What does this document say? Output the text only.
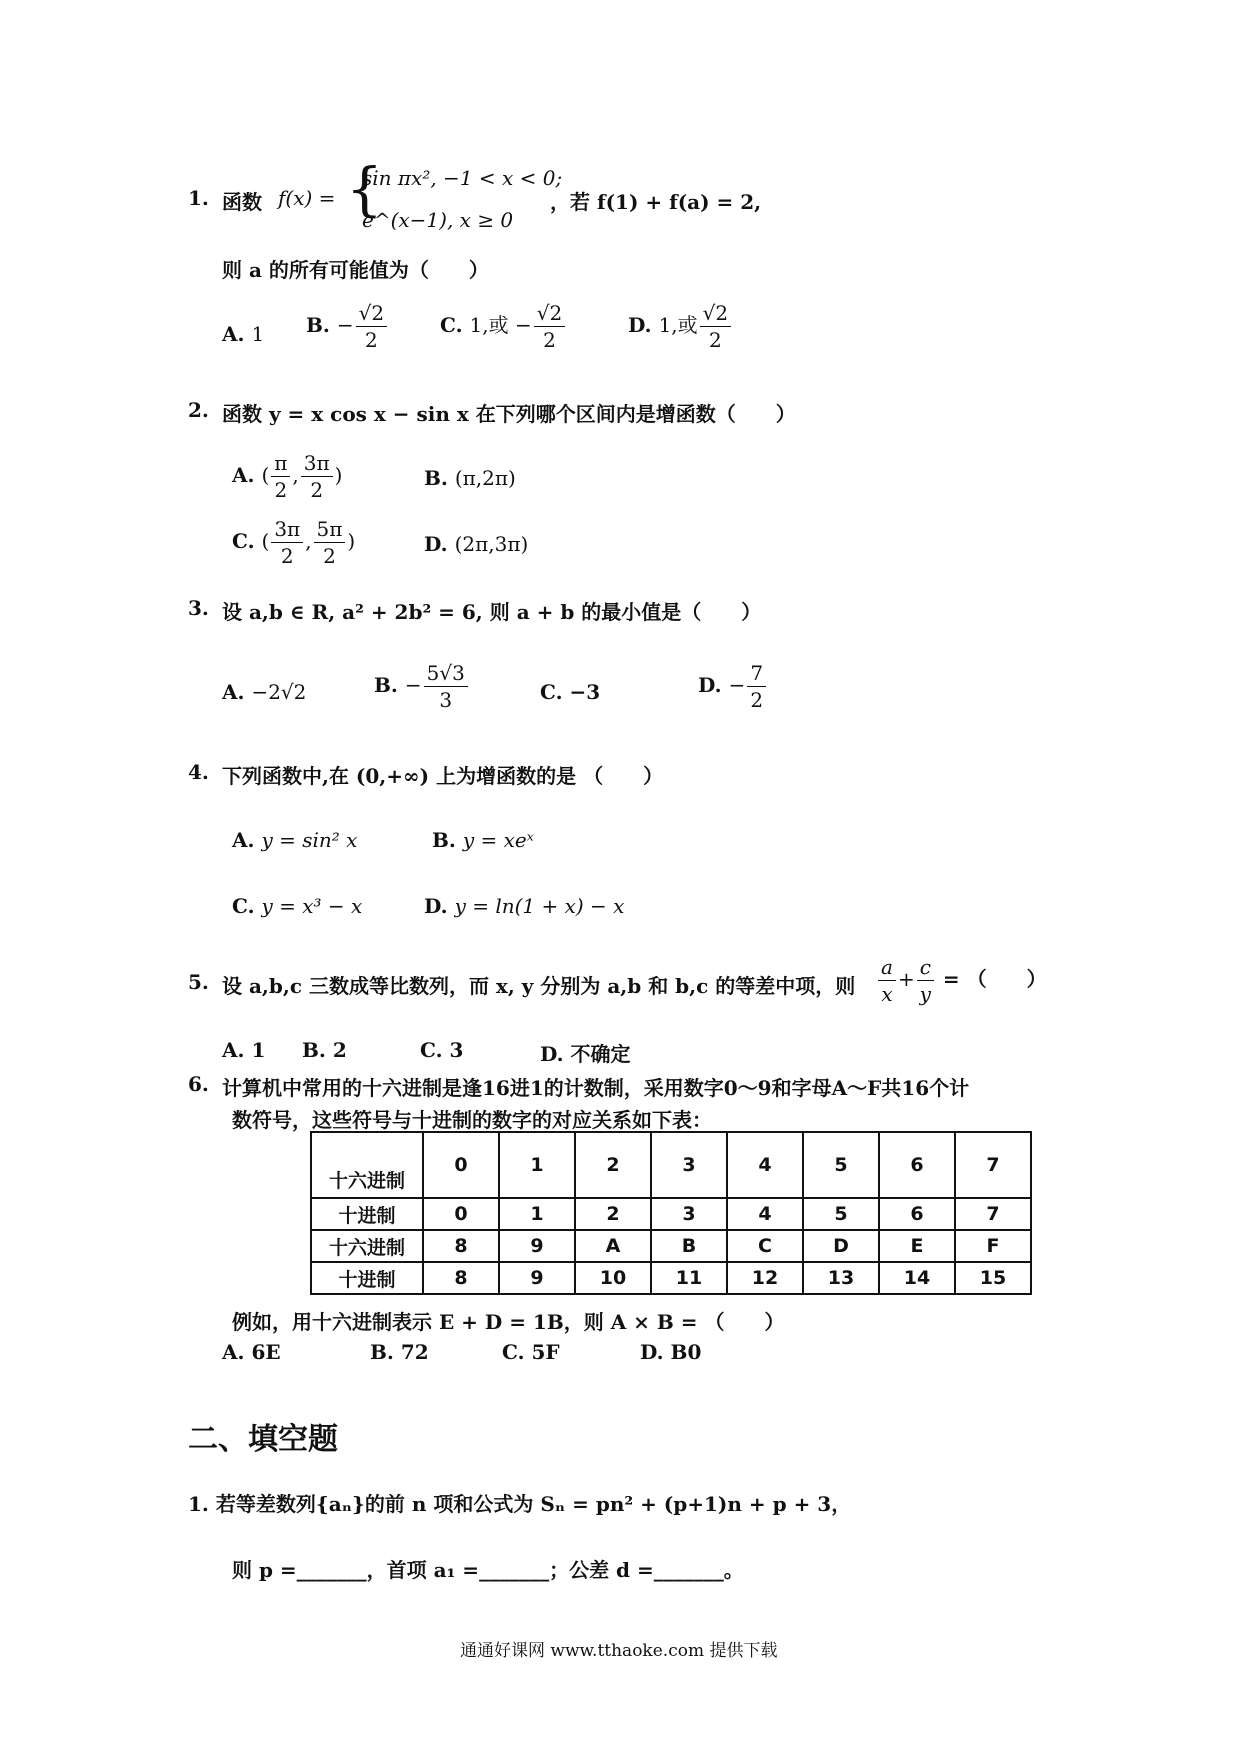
1. 函数 f(x) = {
sin πx², −1 < x < 0;
e^(x−1), x ≥ 0
，若 f(1) + f(a) = 2,
则 a 的所有可能值为（　　）
A. 1 B. − $\frac{√2}{2}$	C. 1,或 − $\frac{√2}{2}$	D. 1,或 $\frac{√2}{2}$
2. 函数 y = x cos x − sin x 在下列哪个区间内是增函数（　　）
A. ( $\frac{\pi}{2}$ , $\frac{3\pi}{2}$ )	B. (π,2π)
C. ( $\frac{3\pi}{2}$ , $\frac{5\pi}{2}$ )	D. (2π,3π)
3. 设 a,b ∈ R, a² + 2b² = 6, 则 a + b 的最小值是（　　）
A. −2√2	B. − $\frac{5√3}{3}$	C. −3	D. − $\frac{7}{2}$
4. 下列函数中,在 (0,+∞) 上为增函数的是 （　　）
A. y = sin² x	B. y = xeˣ
C. y = x³ − x	D. y = ln(1 + x) − x
5. 设 a,b,c 三数成等比数列，而 x, y 分别为 a,b 和 b,c 的等差中项，则 $\frac{a}{x} + \frac{c}{y}$ = （　　）
A. 1 B. 2	C. 3	D. 不确定
6. 计算机中常用的十六进制是逢16进1的计数制，采用数字0～9和字母A～F共16个计
数符号，这些符号与十进制的数字的对应关系如下表：
十六进制	0	1	2	3	4	5	6	7
十进制	0	1	2	3	4	5	6	7
十六进制	8	9	A	B	C	D	E	F
十进制	8	9	10	11	12	13	14	15
例如，用十六进制表示 E + D = 1B，则 A × B = （　　）
A. 6E	B. 72	C. 5F	D. B0
二、填空题
1. 若等差数列{aₙ}的前 n 项和公式为 Sₙ = pn² + (p+1)n + p + 3，
则 p =_______，首项 a₁ =_______；公差 d =_______。
通通好课网 www.tthaoke.com 提供下载
